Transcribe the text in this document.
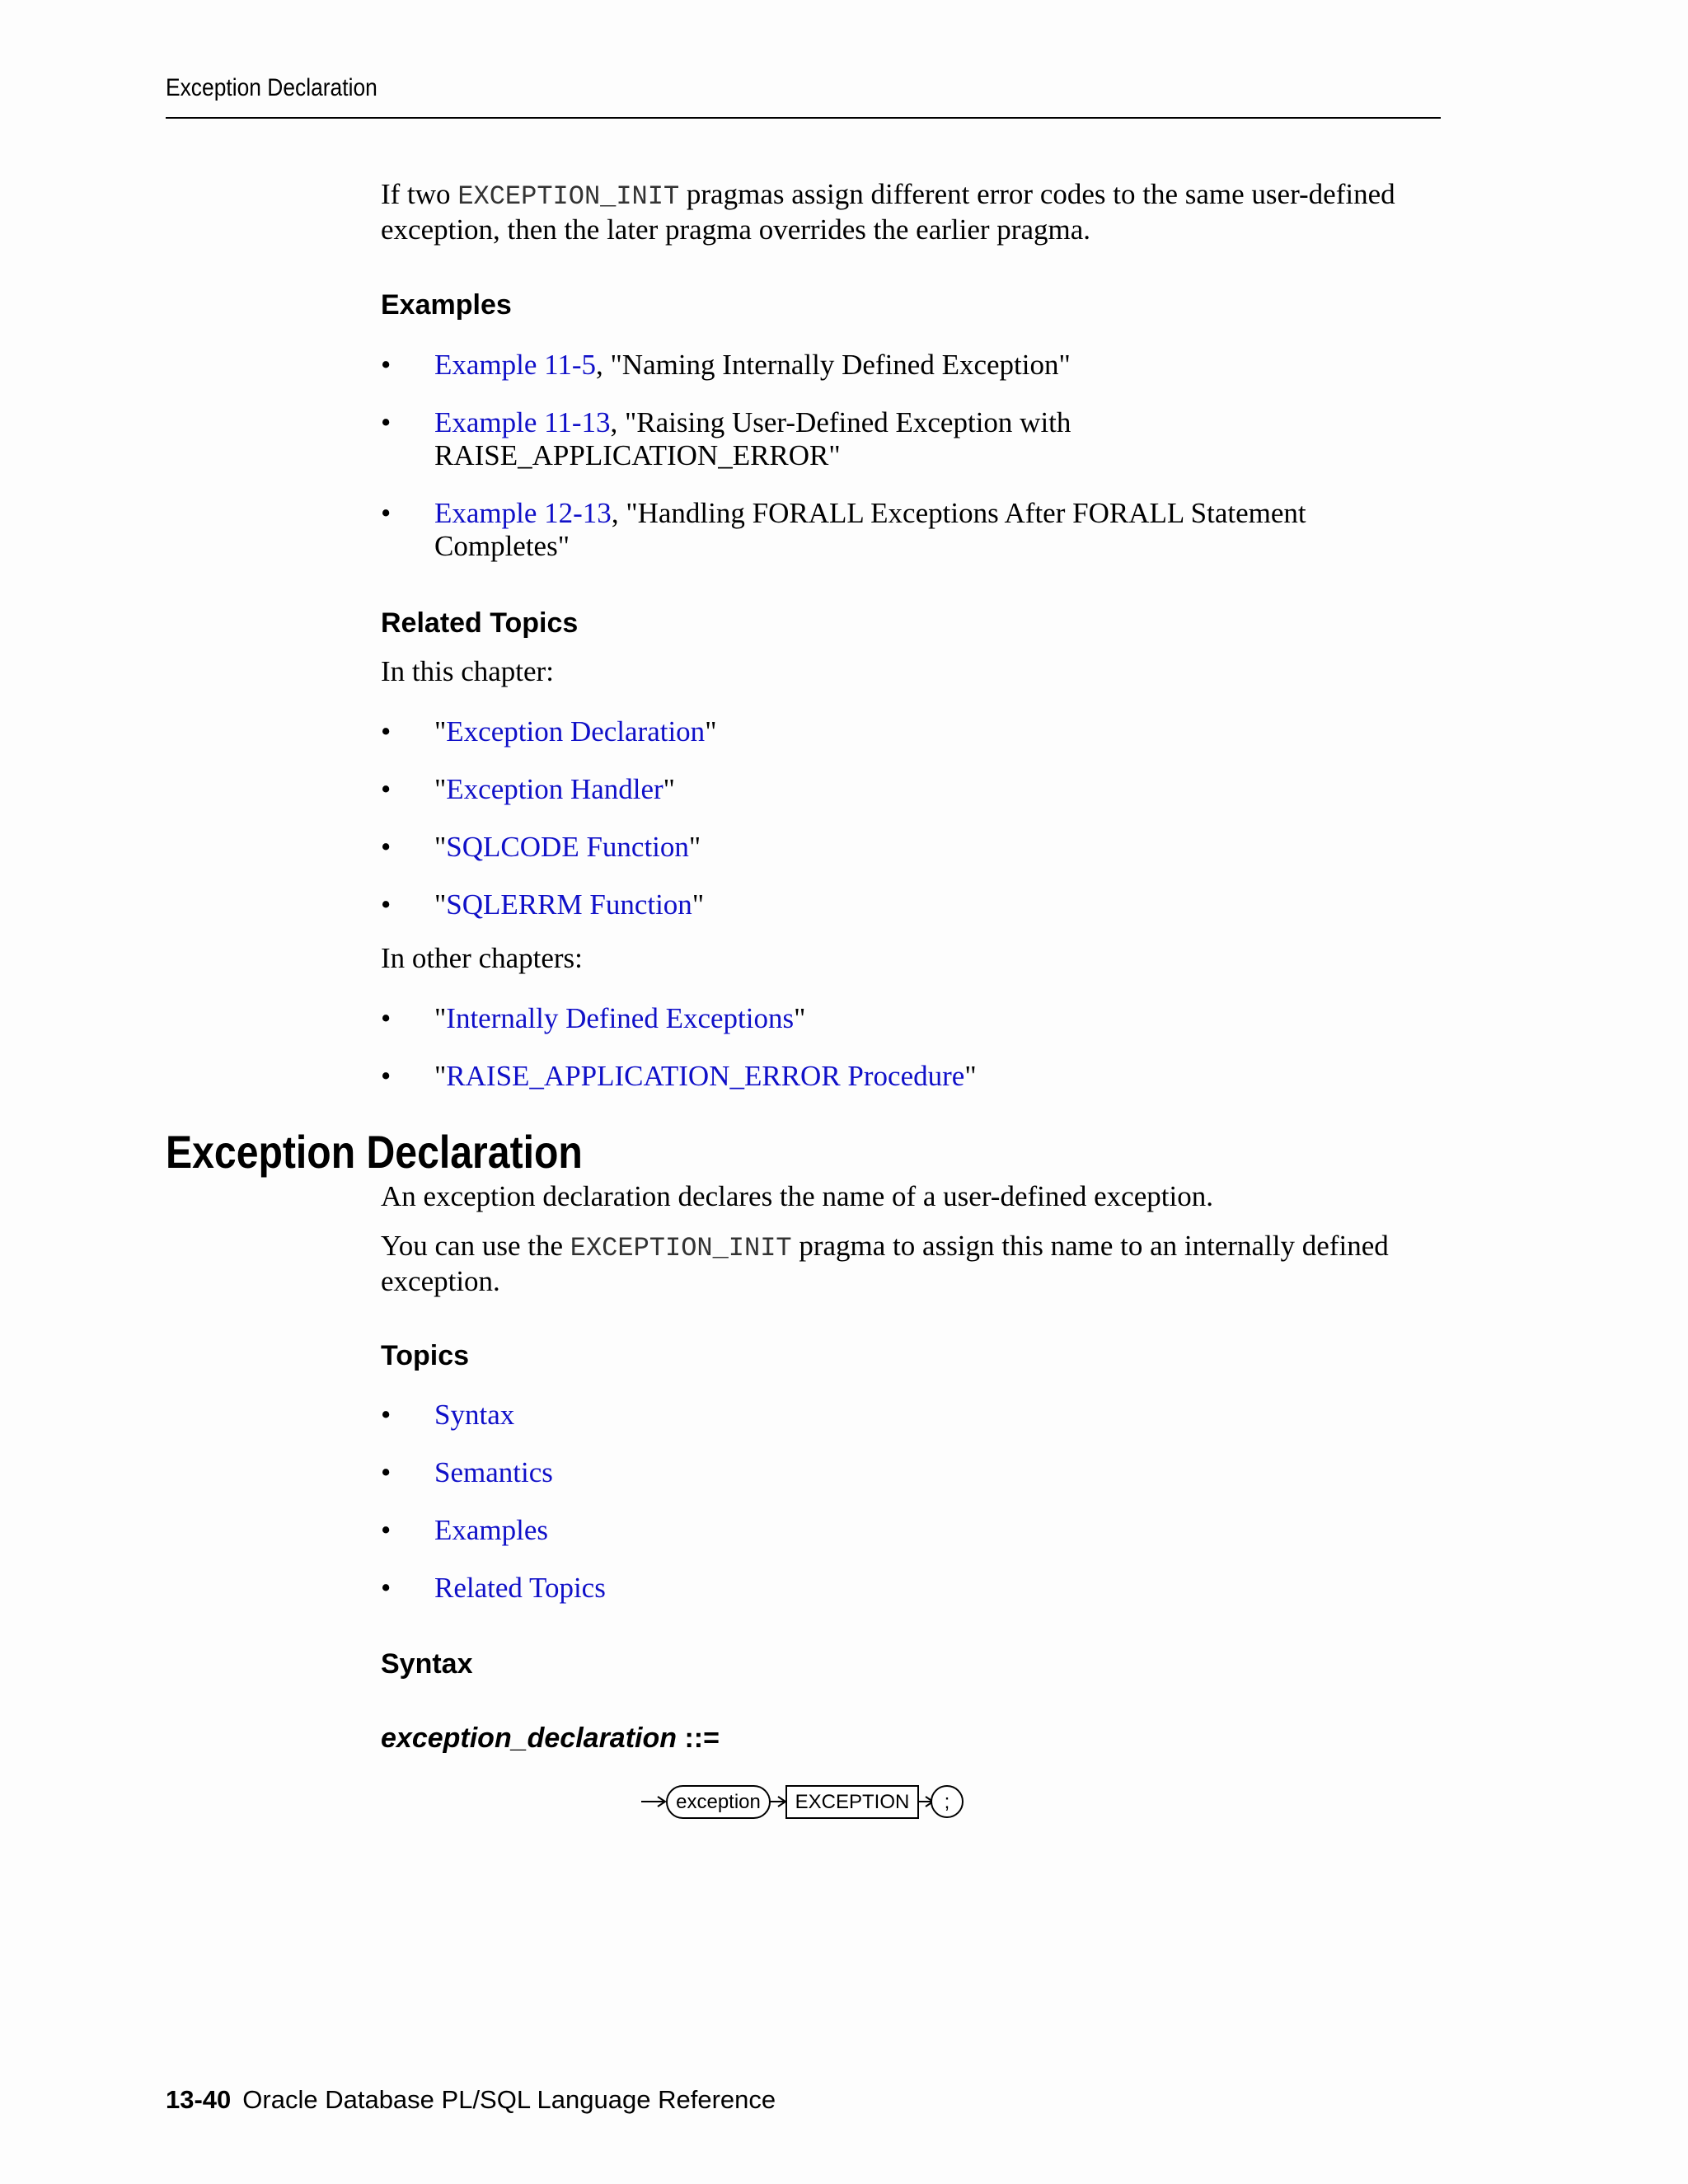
Exception Declaration

If two EXCEPTION_INIT pragmas assign different error codes to the same user-defined exception, then the later pragma overrides the earlier pragma.

Examples
• Example 11-5, "Naming Internally Defined Exception"
• Example 11-13, "Raising User-Defined Exception with RAISE_APPLICATION_ERROR"
• Example 12-13, "Handling FORALL Exceptions After FORALL Statement Completes"
Related Topics

In this chapter:

• "Exception Declaration"
• "Exception Handler"
• "SQLCODE Function"
• "SQLERRM Function"

In other chapters:

• "Internally Defined Exceptions"
• "RAISE_APPLICATION_ERROR Procedure"
Exception Declaration

An exception declaration declares the name of a user-defined exception.

You can use the EXCEPTION_INIT pragma to assign this name to an internally defined exception.

Topics
• Syntax
• Semantics
• Examples
• Related Topics
Syntax
exception_declaration ::=
exception EXCEPTION ;
13-40 Oracle Database PL/SQL Language Reference
